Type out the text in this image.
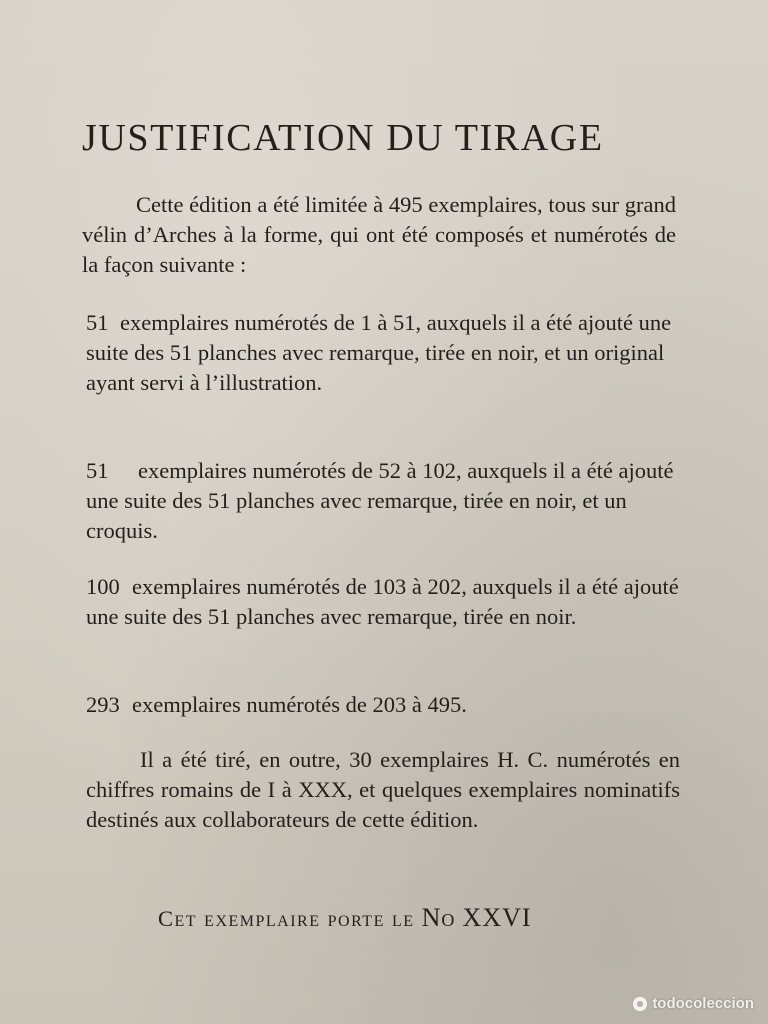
JUSTIFICATION DU TIRAGE

Cette édition a été limitée à 495 exemplaires, tous sur grand vélin d’Arches à la forme, qui ont été composés et numérotés de la façon suivante :

51 exemplaires numérotés de 1 à 51, auxquels il a été ajouté une suite des 51 planches avec remarque, tirée en noir, et un original ayant servi à l’illustration.
51 exemplaires numérotés de 52 à 102, auxquels il a été ajouté une suite des 51 planches avec remarque, tirée en noir, et un croquis.
100 exemplaires numérotés de 103 à 202, auxquels il a été ajouté une suite des 51 planches avec remarque, tirée en noir.
293 exemplaires numérotés de 203 à 495.

Il a été tiré, en outre, 30 exemplaires H. C. numérotés en chiffres romains de I à XXX, et quelques exemplaires nominatifs destinés aux collaborateurs de cette édition.

Cet exemplaire porte le No XXVI

todocoleccion
